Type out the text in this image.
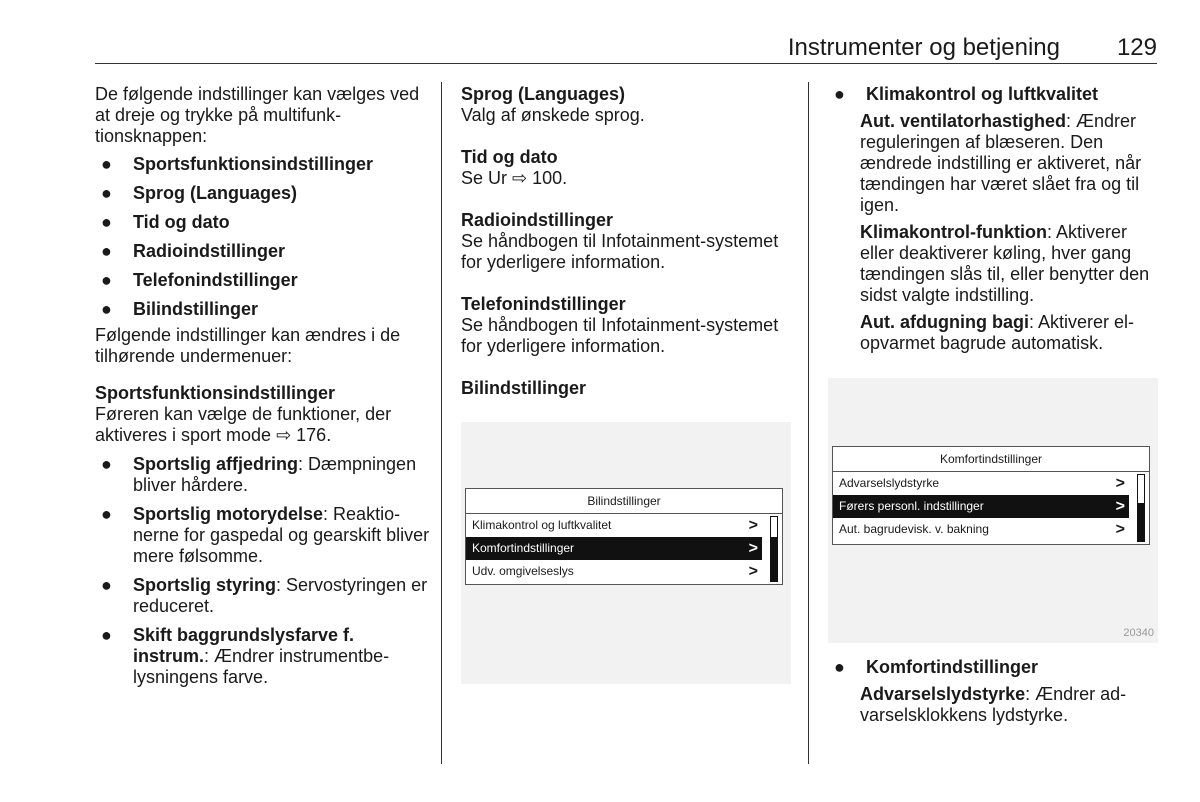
Instrumenter og betjening	129

De følgende indstillinger kan vælges ved at dreje og trykke på multifunktionsknappen:

● Sportsfunktionsindstillinger

● Sprog (Languages)

● Tid og dato

● Radioindstillinger

● Telefonindstillinger

● Bilindstillinger

Følgende indstillinger kan ændres i de tilhørende undermenuer:

Sportsfunktionsindstillinger

Føreren kan vælge de funktioner, der aktiveres i sport mode ⇨ 176.

● Sportslig affjedring: Dæmpningen bliver hårdere.

● Sportslig motorydelse: Reaktionerne for gaspedal og gearskift bliver mere følsomme.

● Sportslig styring: Servostyringen er reduceret.

● Skift baggrundslysfarve f. instrum.: Ændrer instrumentbelysningens farve.

Sprog (Languages)

Valg af ønskede sprog.

Tid og dato

Se Ur ⇨ 100.

Radioindstillinger

Se håndbogen til Infotainment-systemet for yderligere information.

Telefonindstillinger

Se håndbogen til Infotainment-systemet for yderligere information.

Bilindstillinger

Bilindstillinger
Klimakontrol og luftkvalitet	>
Komfortindstillinger	>
Udv. omgivelseslys	>

● Klimakontrol og luftkvalitet

Aut. ventilatorhastighed: Ændrer reguleringen af blæseren. Den ændrede indstilling er aktiveret, når tændingen har været slået fra og til igen.

Klimakontrol-funktion: Aktiverer eller deaktiverer køling, hver gang tændingen slås til, eller benytter den sidst valgte indstilling.

Aut. afdugning bagi: Aktiverer elopvarmet bagrude automatisk.

Komfortindstillinger
Advarselslydstyrke	>
Førers personl. indstillinger	>
Aut. bagrudevisk. v. bakning	>
20340

● Komfortindstillinger

Advarselslydstyrke: Ændrer advarselsklokkens lydstyrke.
